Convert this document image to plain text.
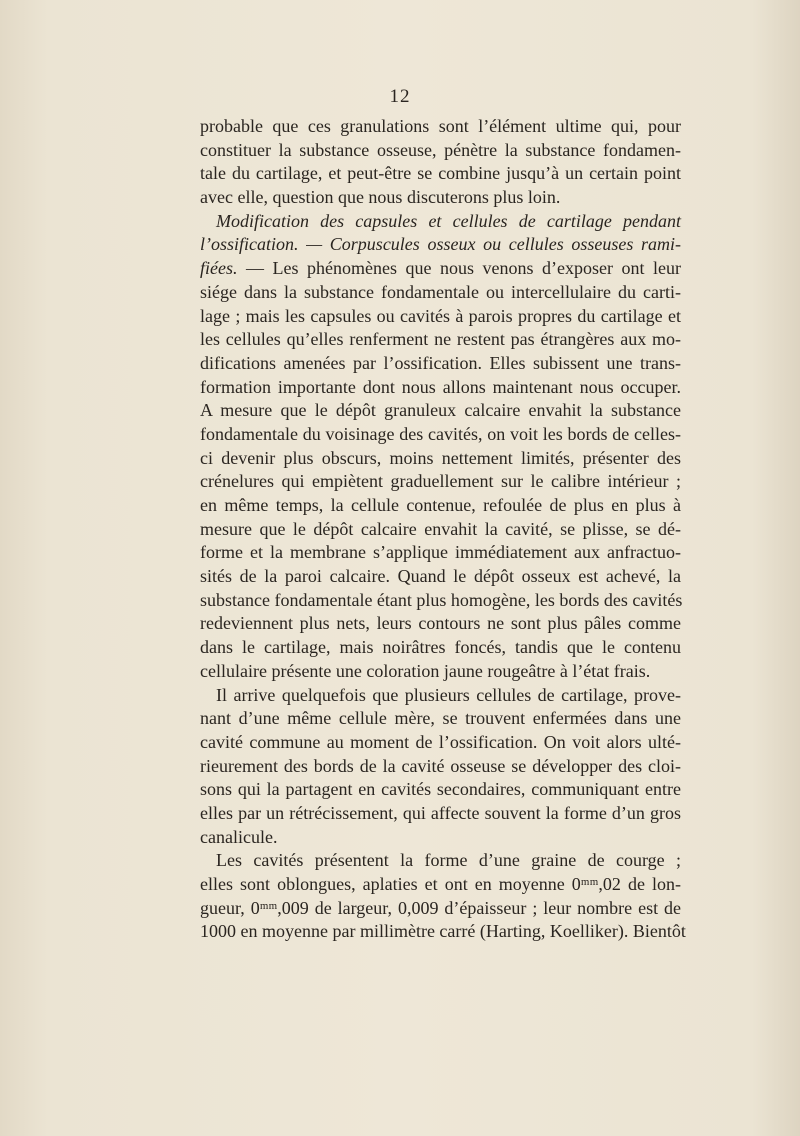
12
probable que ces granulations sont l’élément ultime qui, pour
constituer la substance osseuse, pénètre la substance fondamen-
tale du cartilage, et peut-être se combine jusqu’à un certain point
avec elle, question que nous discuterons plus loin.
Modification des capsules et cellules de cartilage pendant
l’ossification. — Corpuscules osseux ou cellules osseuses rami-
fiées. — Les phénomènes que nous venons d’exposer ont leur
siége dans la substance fondamentale ou intercellulaire du carti-
lage ; mais les capsules ou cavités à parois propres du cartilage et
les cellules qu’elles renferment ne restent pas étrangères aux mo-
difications amenées par l’ossification. Elles subissent une trans-
formation importante dont nous allons maintenant nous occuper.
A mesure que le dépôt granuleux calcaire envahit la substance
fondamentale du voisinage des cavités, on voit les bords de celles-
ci devenir plus obscurs, moins nettement limités, présenter des
crénelures qui empiètent graduellement sur le calibre intérieur ;
en même temps, la cellule contenue, refoulée de plus en plus à
mesure que le dépôt calcaire envahit la cavité, se plisse, se dé-
forme et la membrane s’applique immédiatement aux anfractuo-
sités de la paroi calcaire. Quand le dépôt osseux est achevé, la
substance fondamentale étant plus homogène, les bords des cavités
redeviennent plus nets, leurs contours ne sont plus pâles comme
dans le cartilage, mais noirâtres foncés, tandis que le contenu
cellulaire présente une coloration jaune rougeâtre à l’état frais.
Il arrive quelquefois que plusieurs cellules de cartilage, prove-
nant d’une même cellule mère, se trouvent enfermées dans une
cavité commune au moment de l’ossification. On voit alors ulté-
rieurement des bords de la cavité osseuse se développer des cloi-
sons qui la partagent en cavités secondaires, communiquant entre
elles par un rétrécissement, qui affecte souvent la forme d’un gros
canalicule.
Les cavités présentent la forme d’une graine de courge ;
elles sont oblongues, aplaties et ont en moyenne 0ᵐᵐ,02 de lon-
gueur, 0ᵐᵐ,009 de largeur, 0,009 d’épaisseur ; leur nombre est de
1000 en moyenne par millimètre carré (Harting, Koelliker). Bientôt
